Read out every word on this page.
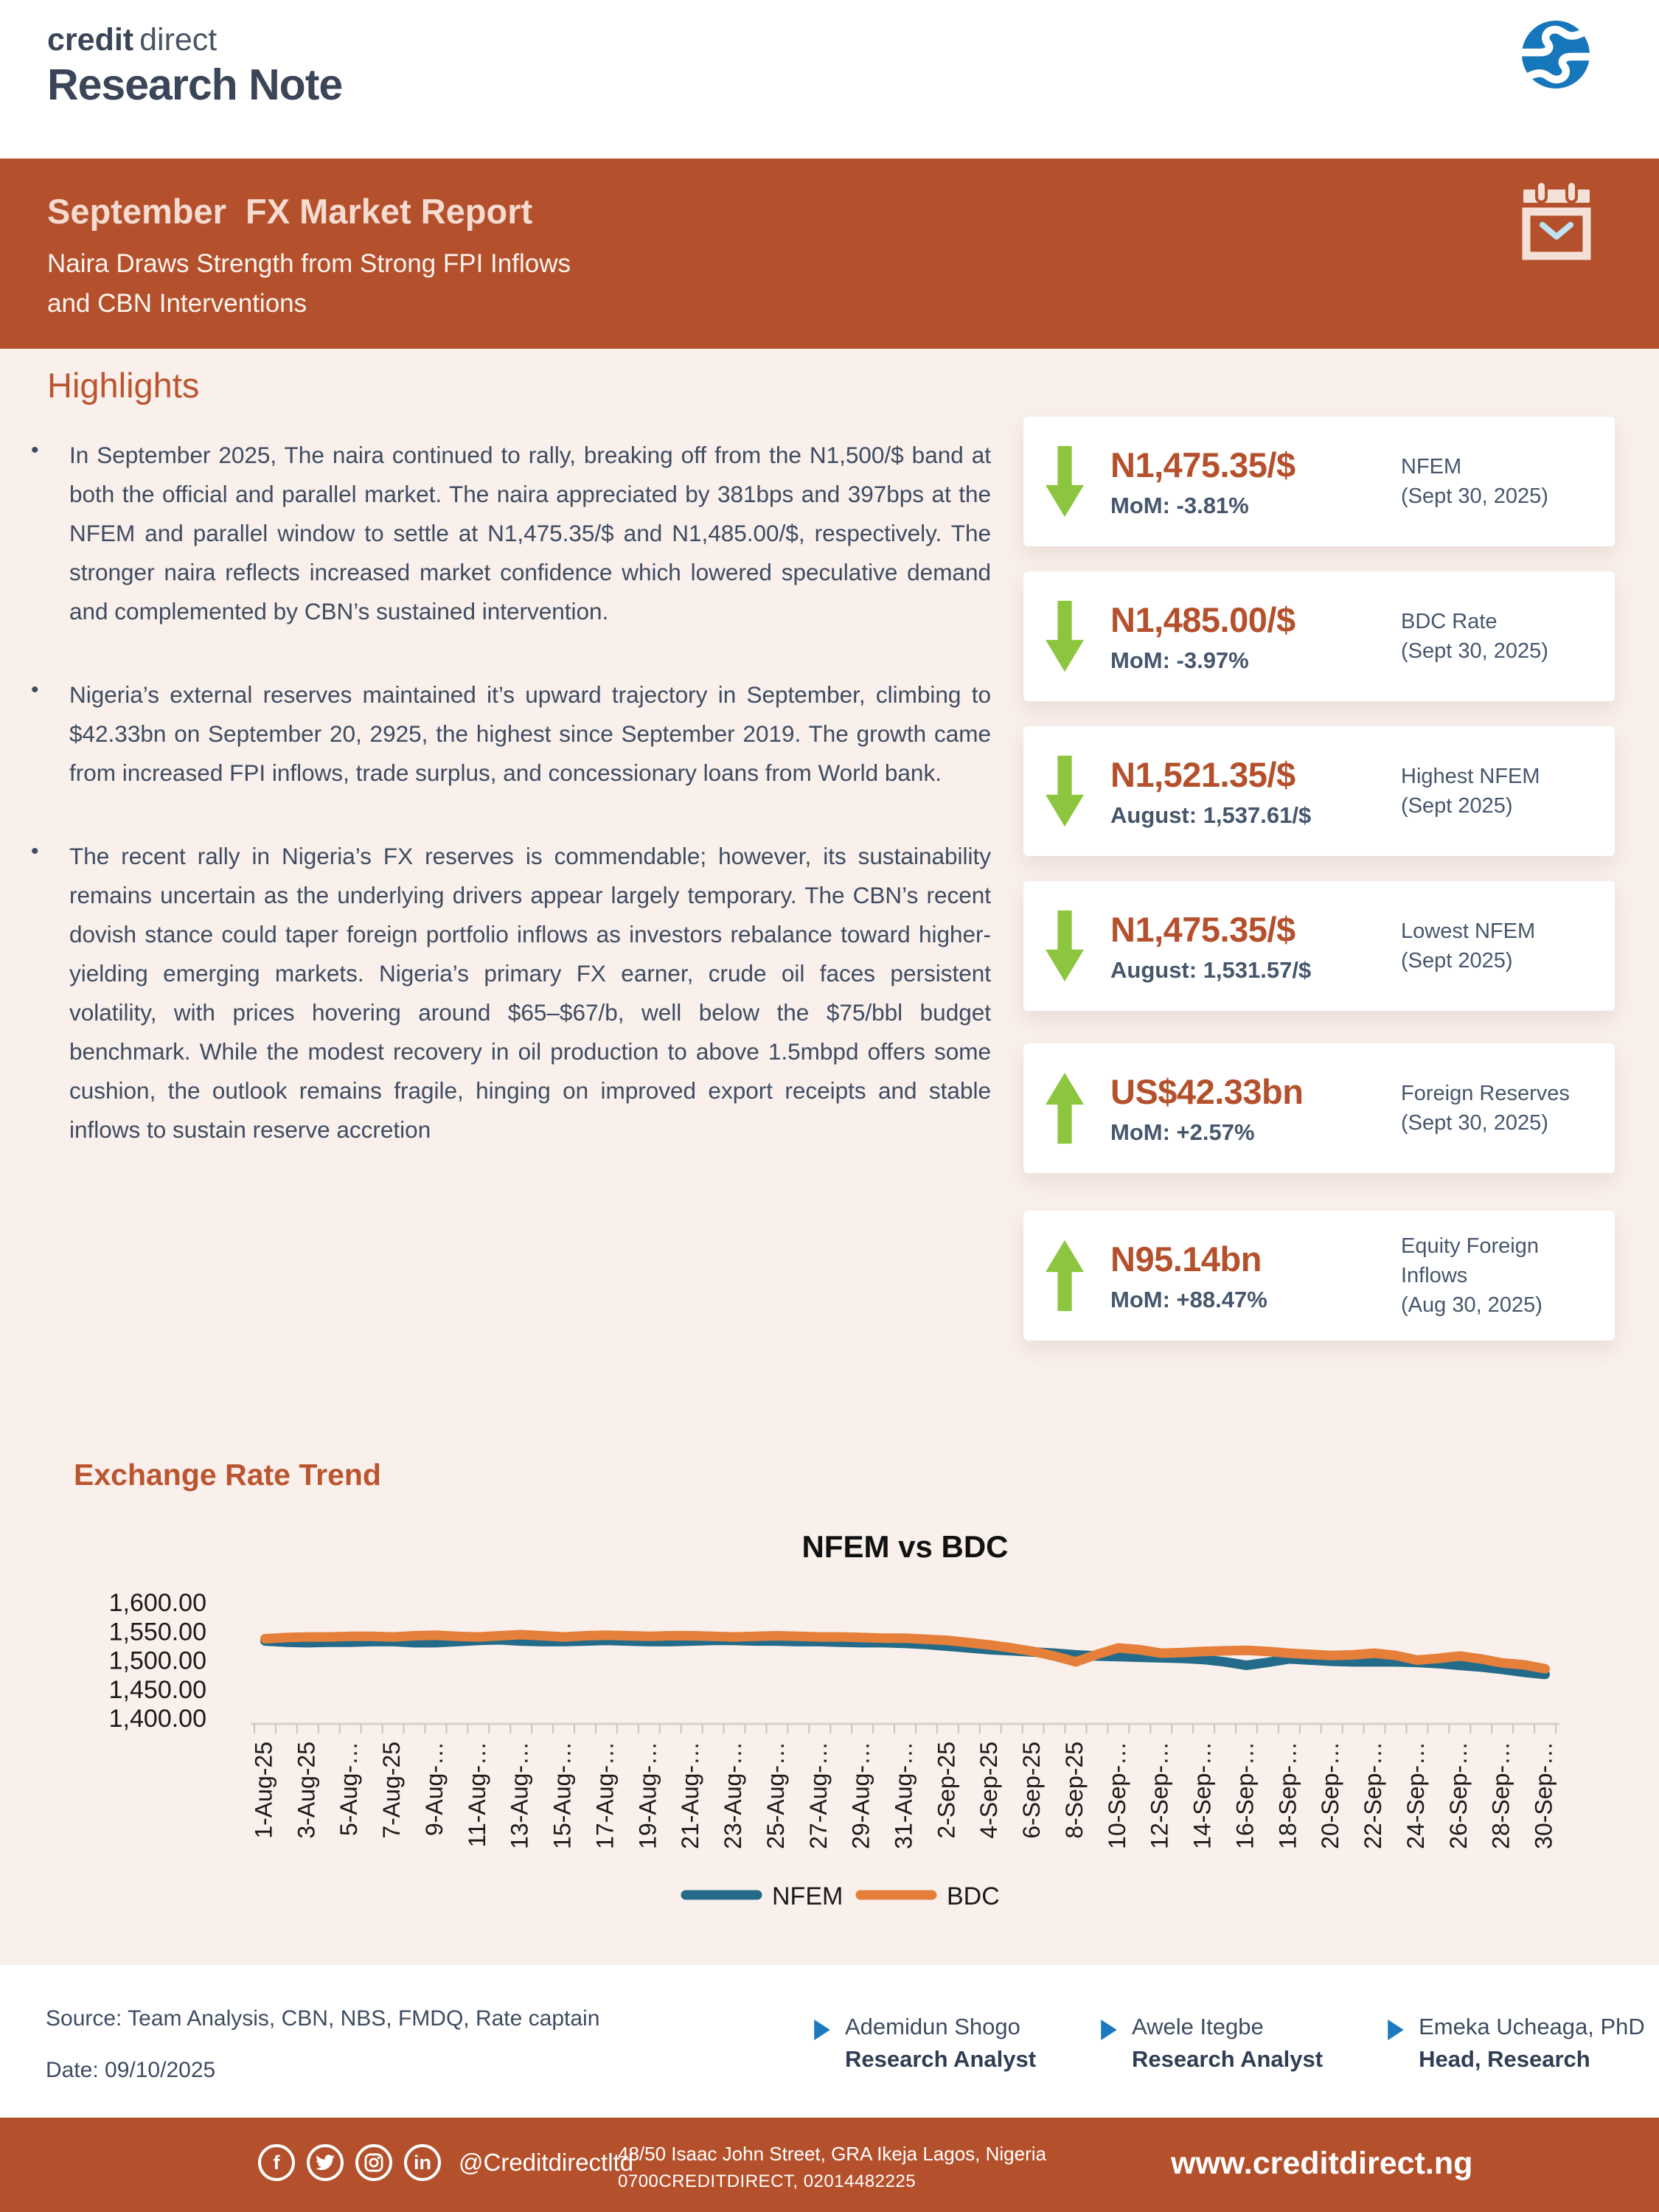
credit direct
Research Note
September  FX Market Report

Naira Draws Strength from Strong FPI Inflows
and CBN Interventions

Highlights
•	In September 2025, The naira continued to rally, breaking off from the N1,500/$ band at both the official and parallel market. The naira appreciated by 381bps and 397bps at the NFEM and parallel window to settle at N1,475.35/$ and N1,485.00/$, respectively. The stronger naira reflects increased market confidence which lowered speculative demand and complemented by CBN’s sustained intervention.

•	Nigeria’s external reserves maintained it’s upward trajectory in September, climbing to $42.33bn on September 20, 2925, the highest since September 2019. The growth came from increased FPI inflows, trade surplus, and concessionary loans from World bank.

•	The recent rally in Nigeria’s FX reserves is commendable; however, its sustainability remains uncertain as the underlying drivers appear largely temporary. The CBN’s recent dovish stance could taper foreign portfolio inflows as investors rebalance toward higher-yielding emerging markets. Nigeria’s primary FX earner, crude oil faces persistent volatility, with prices hovering around $65–$67/b, well below the $75/bbl budget benchmark. While the modest recovery in oil production to above 1.5mbpd offers some cushion, the outlook remains fragile, hinging on improved export receipts and stable inflows to sustain reserve accretion

N1,475.35/$
MoM: -3.81%
NFEM
(Sept 30, 2025)
N1,485.00/$
MoM: -3.97%
BDC Rate
(Sept 30, 2025)
N1,521.35/$
August: 1,537.61/$
Highest NFEM
(Sept 2025)
N1,475.35/$
August: 1,531.57/$
Lowest NFEM
(Sept 2025)
US$42.33bn
MoM: +2.57%
Foreign Reserves
(Sept 30, 2025)
N95.14bn
MoM: +88.47%
Equity Foreign
Inflows
(Aug 30, 2025)
Exchange Rate Trend
NFEM vs BDC
1,600.00
1,550.00
1,500.00
1,450.00
1,400.00
1-Aug-25 3-Aug-25 5-Aug-… 7-Aug-25 9-Aug-… 11-Aug-… 13-Aug-… 15-Aug-… 17-Aug-… 19-Aug-… 21-Aug-… 23-Aug-… 25-Aug-… 27-Aug-… 29-Aug-… 31-Aug-… 2-Sep-25 4-Sep-25 6-Sep-25 8-Sep-25 10-Sep-… 12-Sep-… 14-Sep-… 16-Sep-… 18-Sep-… 20-Sep-… 22-Sep-… 24-Sep-… 26-Sep-… 28-Sep-… 30-Sep-…
NFEM	BDC

Source: Team Analysis, CBN, NBS, FMDQ, Rate captain

Date: 09/10/2025

Ademidun Shogo
Research Analyst
Awele Itegbe
Research Analyst
Emeka Ucheaga, PhD
Head, Research
f	in	@Creditdirectltd

48/50 Isaac John Street, GRA Ikeja Lagos, Nigeria

0700CREDITDIRECT, 02014482225

www.creditdirect.ng
